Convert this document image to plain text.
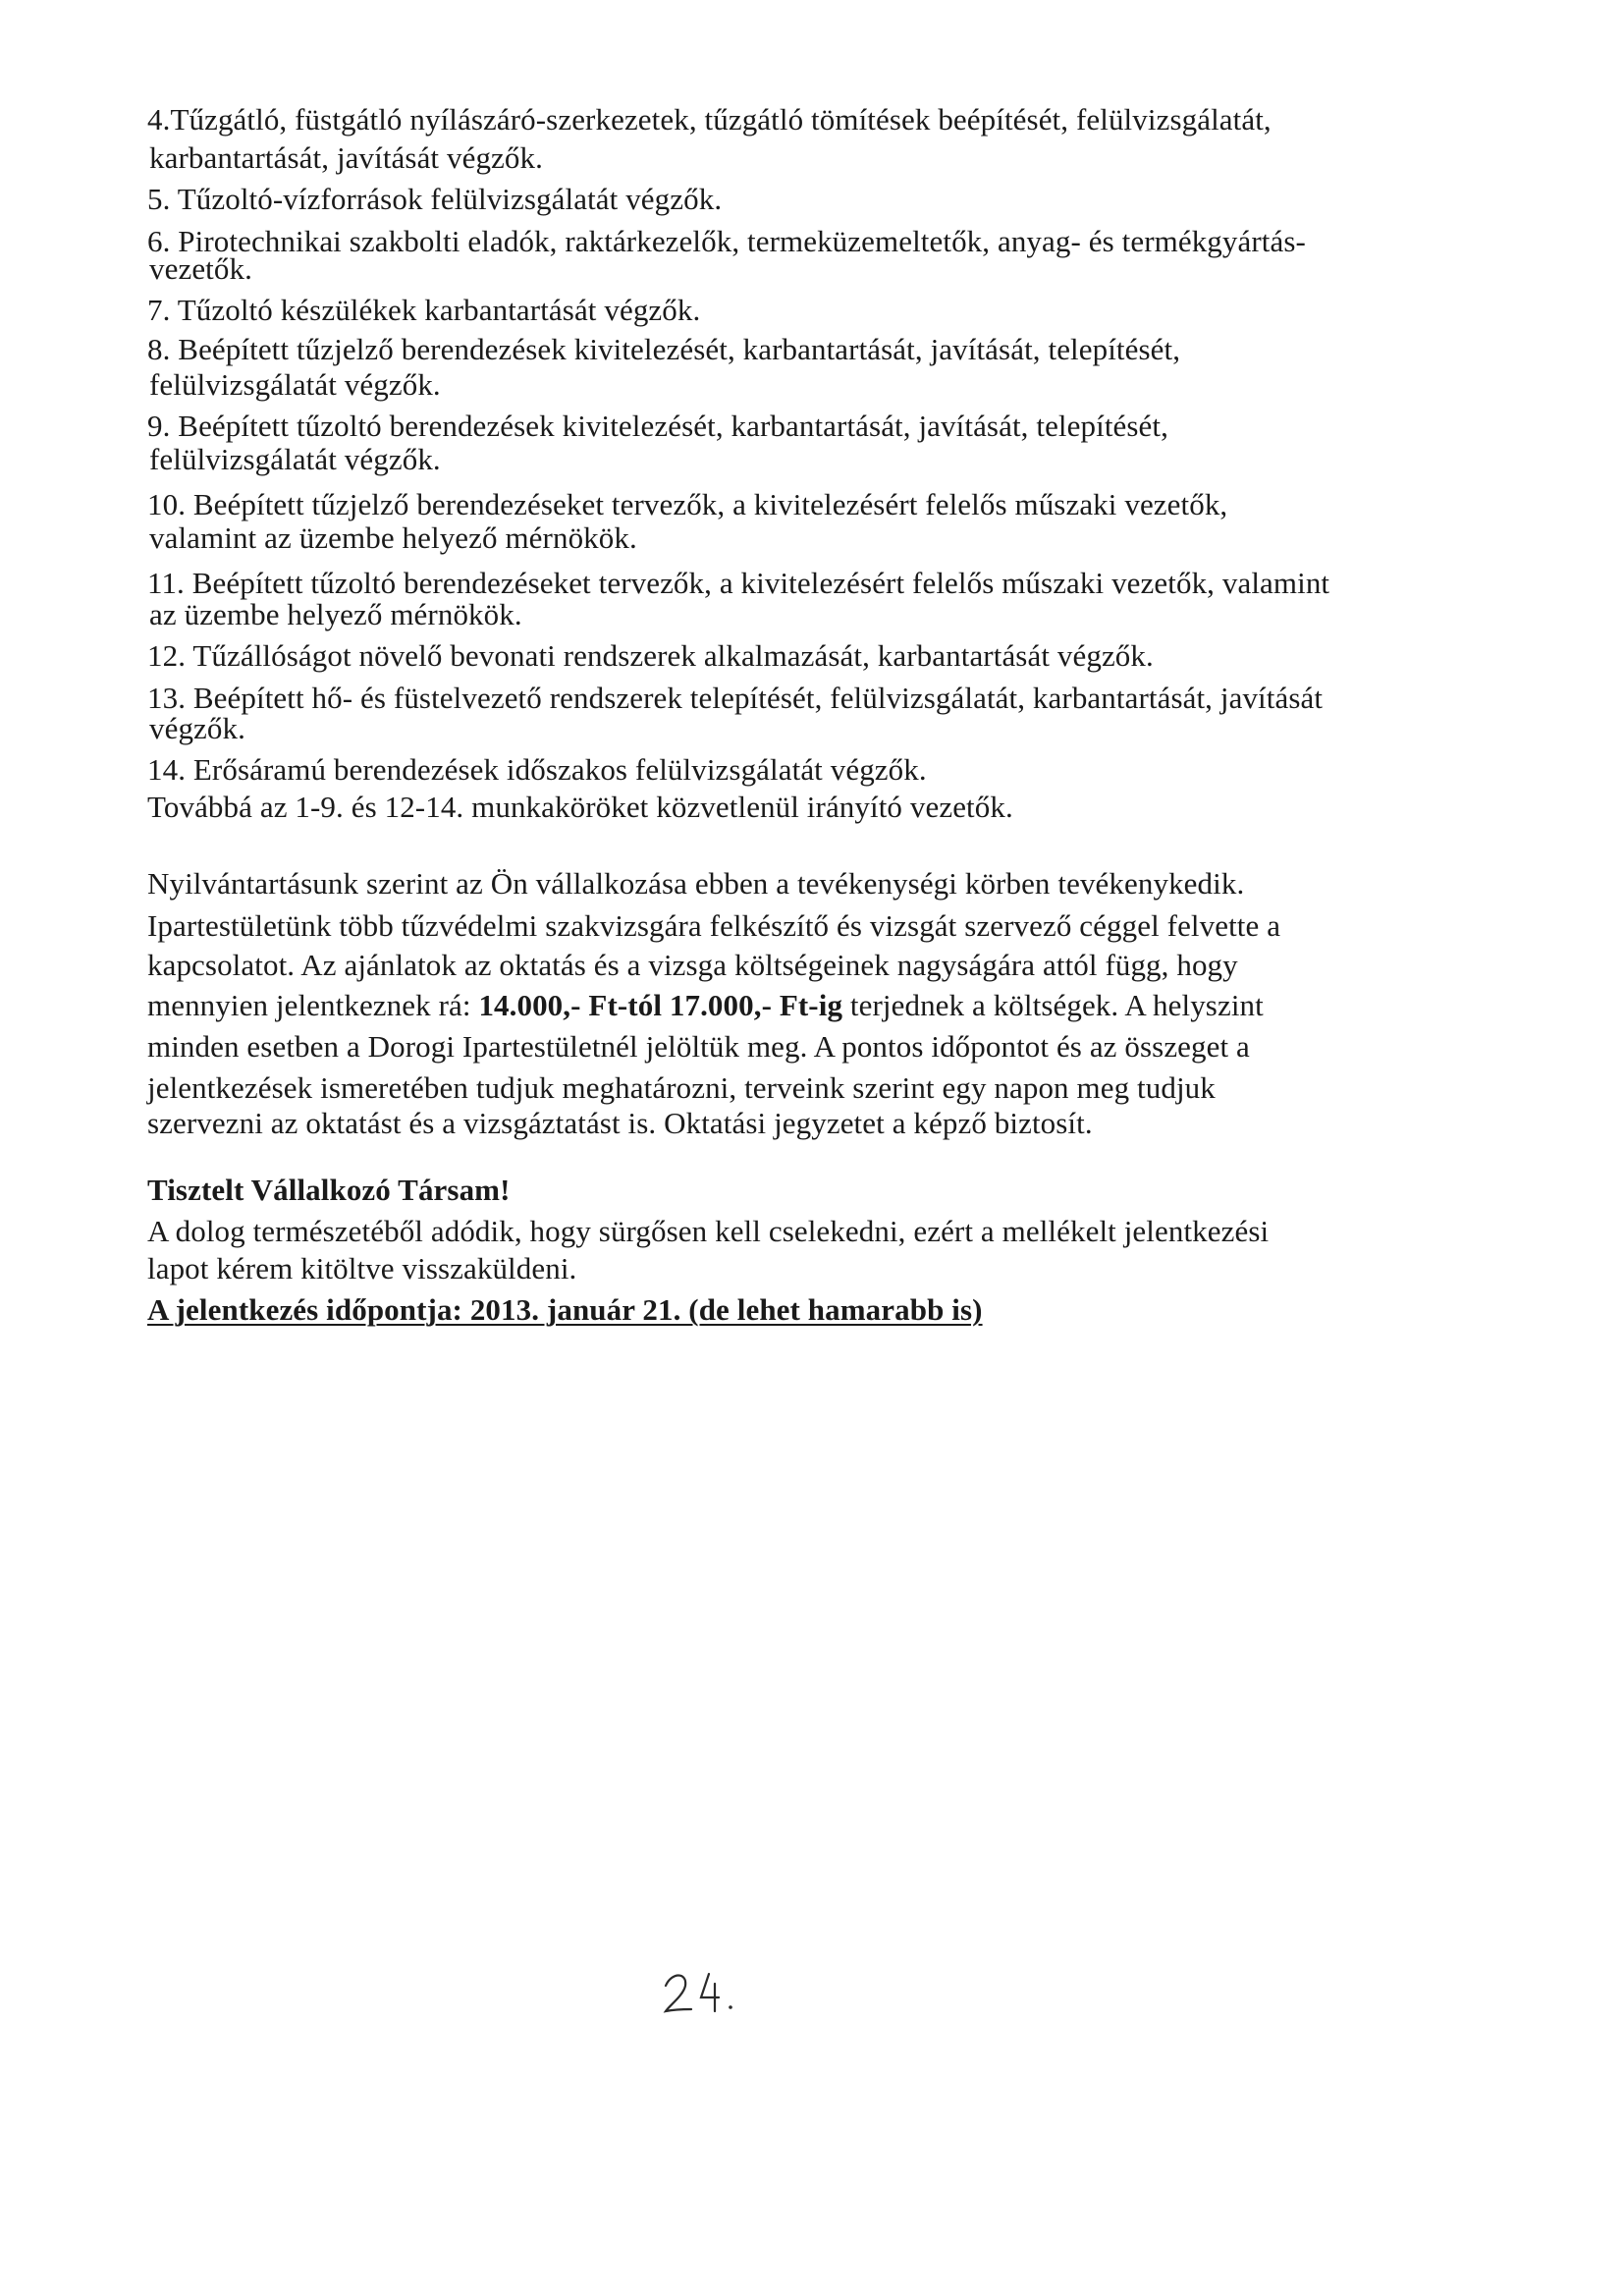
4.Tűzgátló, füstgátló nyílászáró-szerkezetek, tűzgátló tömítések beépítését, felülvizsgálatát,
karbantartását, javítását végzők.
5. Tűzoltó-vízforrások felülvizsgálatát végzők.
6. Pirotechnikai szakbolti eladók, raktárkezelők, termeküzemeltetők, anyag- és termékgyártás-
vezetők.
7. Tűzoltó készülékek karbantartását végzők.
8. Beépített tűzjelző berendezések kivitelezését, karbantartását, javítását, telepítését,
felülvizsgálatát végzők.
9. Beépített tűzoltó berendezések kivitelezését, karbantartását, javítását, telepítését,
felülvizsgálatát végzők.
10. Beépített tűzjelző berendezéseket tervezők, a kivitelezésért felelős műszaki vezetők,
valamint az üzembe helyező mérnökök.
11. Beépített tűzoltó berendezéseket tervezők, a kivitelezésért felelős műszaki vezetők, valamint
az üzembe helyező mérnökök.
12. Tűzállóságot növelő bevonati rendszerek alkalmazását, karbantartását végzők.
13. Beépített hő- és füstelvezető rendszerek telepítését, felülvizsgálatát, karbantartását, javítását
végzők.
14. Erősáramú berendezések időszakos felülvizsgálatát végzők.
Továbbá az 1-9. és 12-14. munkaköröket közvetlenül irányító vezetők.
Nyilvántartásunk szerint az Ön vállalkozása ebben a tevékenységi körben tevékenykedik.
Ipartestületünk több tűzvédelmi szakvizsgára felkészítő és vizsgát szervező céggel felvette a
kapcsolatot. Az ajánlatok az oktatás és a vizsga költségeinek nagyságára attól függ, hogy
mennyien jelentkeznek rá: 14.000,- Ft-tól 17.000,- Ft-ig terjednek a költségek. A helyszint
minden esetben a Dorogi Ipartestületnél jelöltük meg. A pontos időpontot és az összeget a
jelentkezések ismeretében tudjuk meghatározni, terveink szerint egy napon meg tudjuk
szervezni az oktatást és a vizsgáztatást is. Oktatási jegyzetet a képző biztosít.
Tisztelt Vállalkozó Társam!
A dolog természetéből adódik, hogy sürgősen kell cselekedni, ezért a mellékelt jelentkezési
lapot kérem kitöltve visszaküldeni.
A jelentkezés időpontja: 2013. január 21. (de lehet hamarabb is)
